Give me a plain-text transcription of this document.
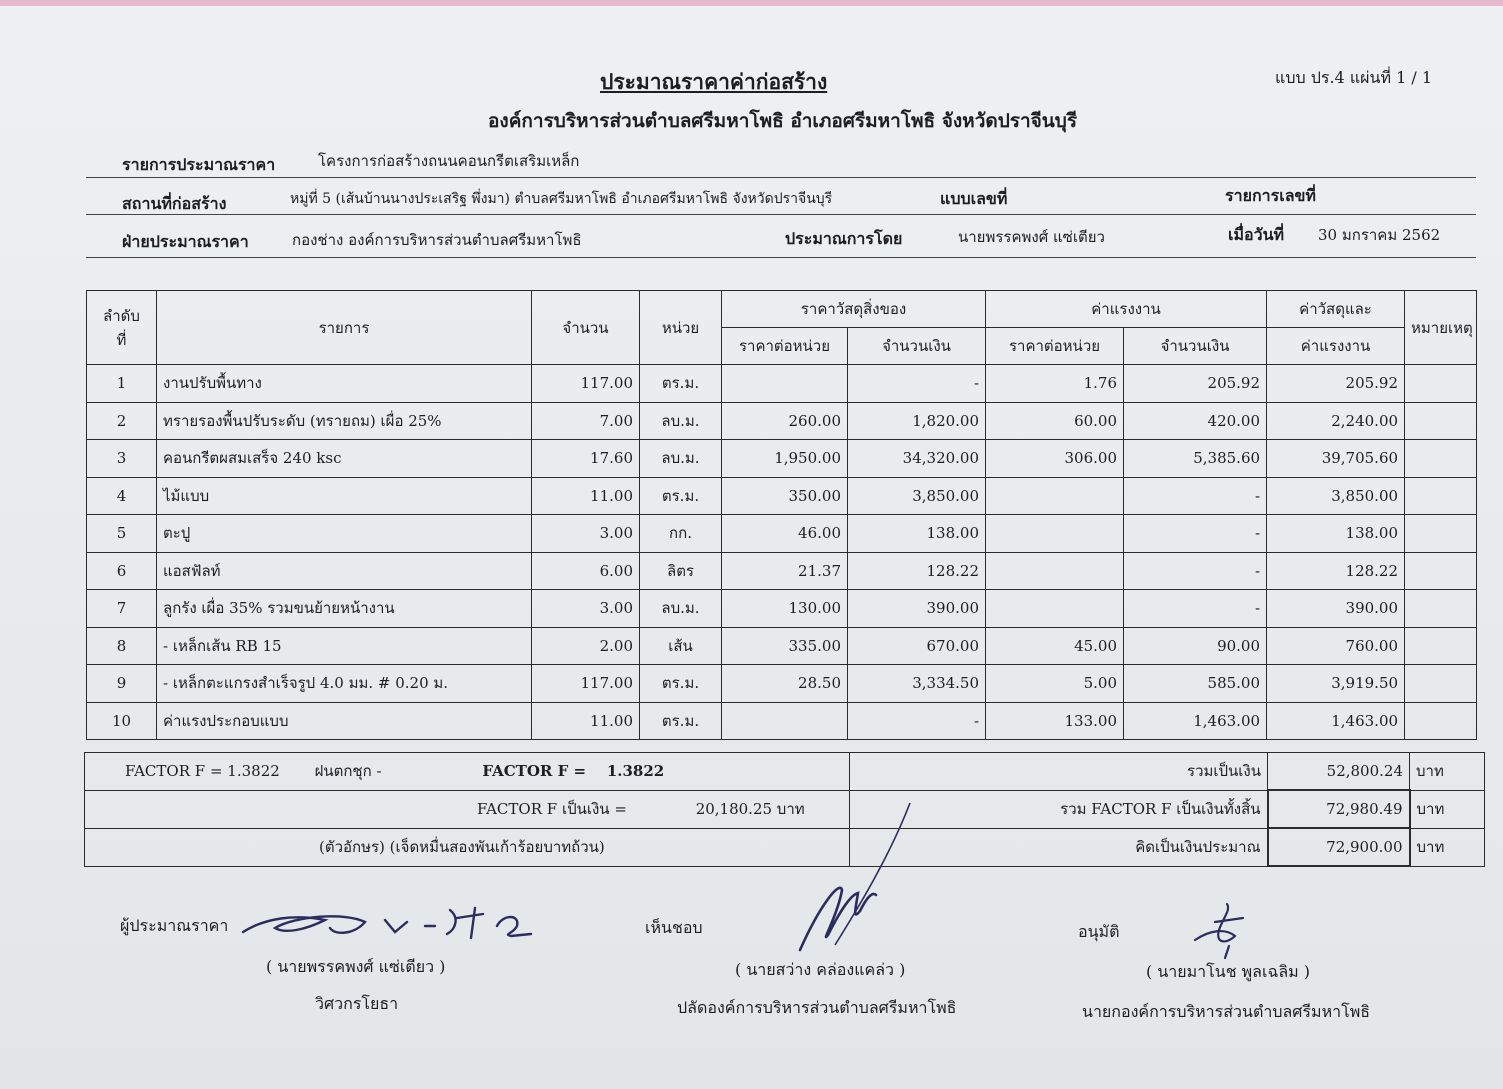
ประมาณราคาค่าก่อสร้าง	แบบ ปร.4 แผ่นที่ 1 / 1
องค์การบริหารส่วนตำบลศรีมหาโพธิ อำเภอศรีมหาโพธิ จังหวัดปราจีนบุรี
รายการประมาณราคา	โครงการก่อสร้างถนนคอนกรีตเสริมเหล็ก
สถานที่ก่อสร้าง	หมู่ที่ 5 (เส้นบ้านนางประเสริฐ พึ่งมา) ตำบลศรีมหาโพธิ อำเภอศรีมหาโพธิ จังหวัดปราจีนบุรี	แบบเลขที่	รายการเลขที่
ฝ่ายประมาณราคา	กองช่าง องค์การบริหารส่วนตำบลศรีมหาโพธิ	ประมาณการโดย	นายพรรคพงศ์ แซ่เตียว	เมื่อวันที่ 30 มกราคม 2562
ลำดับ
ที่	รายการ	จำนวน	หน่วย	ราคาวัสดุสิ่งของ		ค่าแรงงาน		ค่าวัสดุและ	หมายเหตุ
				ราคาต่อหน่วย	จำนวนเงิน	ราคาต่อหน่วย	จำนวนเงิน	ค่าแรงงาน	
1	งานปรับพื้นทาง	117.00	ตร.ม.		-	1.76	205.92	205.92	
2	ทรายรองพื้นปรับระดับ (ทรายถม) เผื่อ 25%	7.00	ลบ.ม.	260.00	1,820.00	60.00	420.00	2,240.00	
3	คอนกรีตผสมเสร็จ 240 ksc	17.60	ลบ.ม.	1,950.00	34,320.00	306.00	5,385.60	39,705.60	
4	ไม้แบบ	11.00	ตร.ม.	350.00	3,850.00		-	3,850.00	
5	ตะปู	3.00	กก.	46.00	138.00		-	138.00	
6	แอสฟัลท์	6.00	ลิตร	21.37	128.22		-	128.22	
7	ลูกรัง เผื่อ 35% รวมขนย้ายหน้างาน	3.00	ลบ.ม.	130.00	390.00		-	390.00	
8	- เหล็กเส้น RB 15	2.00	เส้น	335.00	670.00	45.00	90.00	760.00	
9	- เหล็กตะแกรงสำเร็จรูป 4.0 มม. # 0.20 ม.	117.00	ตร.ม.	28.50	3,334.50	5.00	585.00	3,919.50	
10	ค่าแรงประกอบแบบ	11.00	ตร.ม.		-	133.00	1,463.00	1,463.00	
FACTOR F = 1.3822 ฝนตกชุก - FACTOR F = 1.3822	รวมเป็นเงิน	52,800.24	บาท
FACTOR F เป็นเงิน = 20,180.25 บาท	รวม FACTOR F เป็นเงินทั้งสิ้น	72,980.49	บาท
(ตัวอักษร) (เจ็ดหมื่นสองพันเก้าร้อยบาทถ้วน)	คิดเป็นเงินประมาณ	72,900.00	บาท
ผู้ประมาณราคา
( นายพรรคพงศ์ แซ่เตียว )
วิศวกรโยธา
เห็นชอบ
( นายสว่าง คล่องแคล่ว )
ปลัดองค์การบริหารส่วนตำบลศรีมหาโพธิ
อนุมัติ
( นายมาโนช พูลเฉลิม )
นายกองค์การบริหารส่วนตำบลศรีมหาโพธิ
